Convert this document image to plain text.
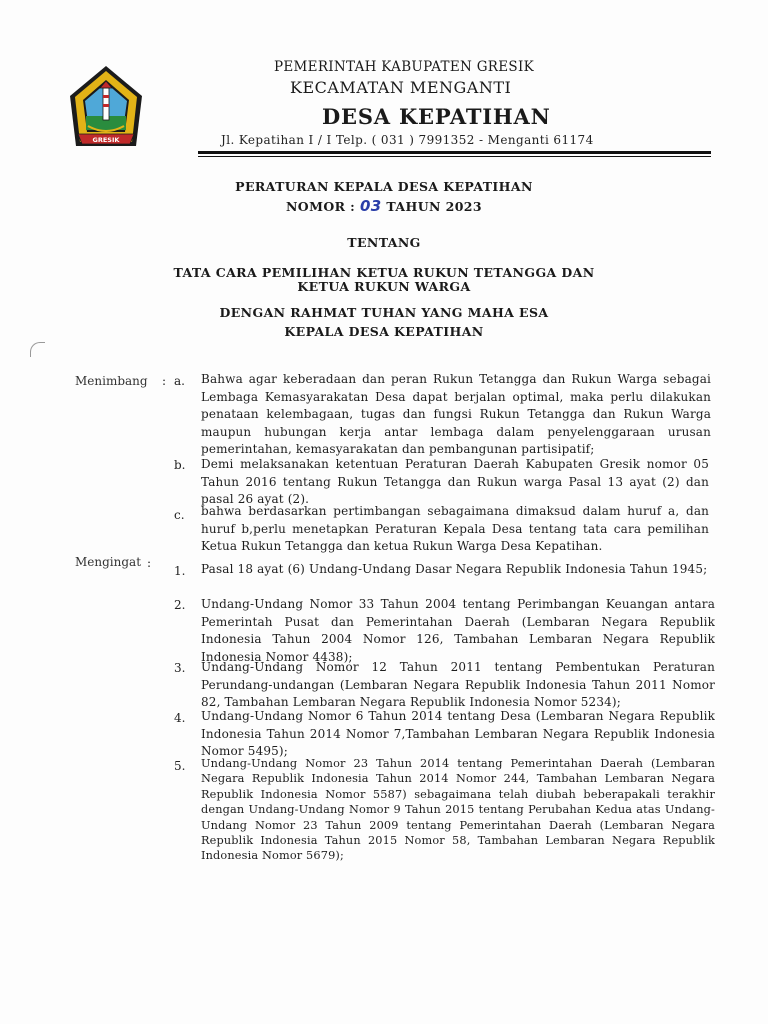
GRESIK
PEMERINTAH KABUPATEN GRESIK
KECAMATAN MENGANTI
DESA KEPATIHAN
Jl. Kepatihan I / I Telp. ( 031 ) 7991352 - Menganti 61174
PERATURAN KEPALA DESA KEPATIHAN
NOMOR : 03 TAHUN 2023
TENTANG
TATA CARA PEMILIHAN KETUA RUKUN TETANGGA DAN
KETUA RUKUN WARGA
DENGAN RAHMAT TUHAN YANG MAHA ESA
KEPALA DESA KEPATIHAN
Menimbang : a. Bahwa agar keberadaan dan peran Rukun Tetangga dan Rukun Warga sebagai Lembaga Kemasyarakatan Desa dapat berjalan optimal, maka perlu dilakukan penataan kelembagaan, tugas dan fungsi Rukun Tetangga dan Rukun Warga maupun hubungan kerja antar lembaga dalam penyelenggaraan urusan pemerintahan, kemasyarakatan dan pembangunan partisipatif;
b. Demi melaksanakan ketentuan Peraturan Daerah Kabupaten Gresik nomor 05 Tahun 2016 tentang Rukun Tetangga dan Rukun warga Pasal 13 ayat (2) dan pasal 26 ayat (2).
c. bahwa berdasarkan pertimbangan sebagaimana dimaksud dalam huruf a, dan huruf b,perlu menetapkan Peraturan Kepala Desa tentang tata cara pemilihan Ketua Rukun Tetangga dan ketua Rukun Warga Desa Kepatihan.
Mengingat :
1. Pasal 18 ayat (6) Undang-Undang Dasar Negara Republik Indonesia Tahun 1945;
2. Undang-Undang Nomor 33 Tahun 2004 tentang Perimbangan Keuangan antara Pemerintah Pusat dan Pemerintahan Daerah (Lembaran Negara Republik Indonesia Tahun 2004 Nomor 126, Tambahan Lembaran Negara Republik Indonesia Nomor 4438);
3. Undang-Undang Nomor 12 Tahun 2011 tentang Pembentukan Peraturan Perundang-undangan (Lembaran Negara Republik Indonesia Tahun 2011 Nomor 82, Tambahan Lembaran Negara Republik Indonesia Nomor 5234);
4. Undang-Undang Nomor 6 Tahun 2014 tentang Desa (Lembaran Negara Republik Indonesia Tahun 2014 Nomor 7,Tambahan Lembaran Negara Republik Indonesia Nomor 5495);
5. Undang-Undang Nomor 23 Tahun 2014 tentang Pemerintahan Daerah (Lembaran Negara Republik Indonesia Tahun 2014 Nomor 244, Tambahan Lembaran Negara Republik Indonesia Nomor 5587) sebagaimana telah diubah beberapakali terakhir dengan Undang-Undang Nomor 9 Tahun 2015 tentang Perubahan Kedua atas Undang-Undang Nomor 23 Tahun 2009 tentang Pemerintahan Daerah (Lembaran Negara Republik Indonesia Tahun 2015 Nomor 58, Tambahan Lembaran Negara Republik Indonesia Nomor 5679);
